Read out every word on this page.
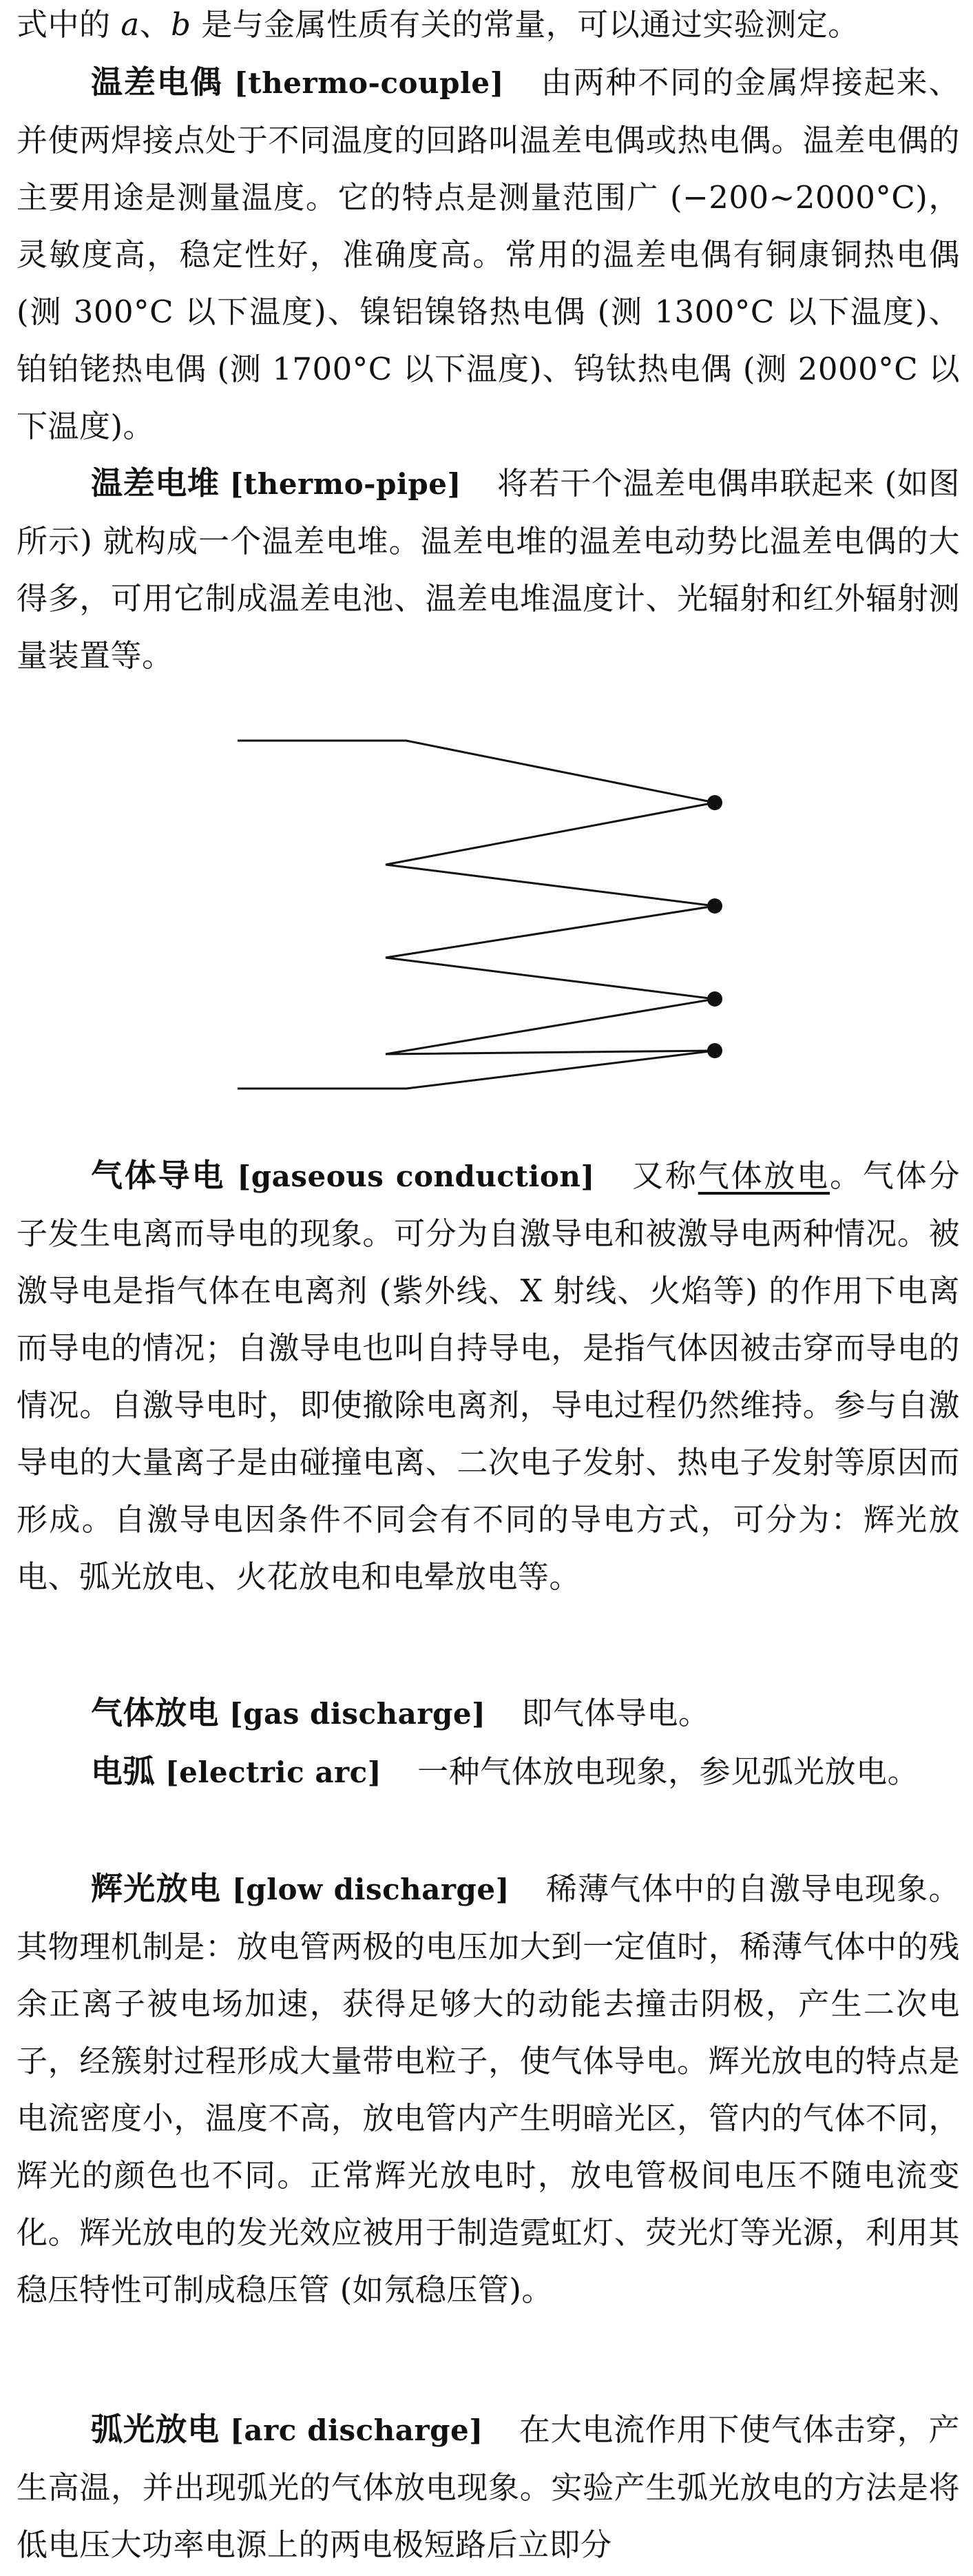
式中的 a、b 是与金属性质有关的常量，可以通过实验测定。

温差电偶 [thermo-couple] 由两种不同的金属焊接起来、并使两焊接点处于不同温度的回路叫温差电偶或热电偶。温差电偶的主要用途是测量温度。它的特点是测量范围广 (−200∼2000°C)，灵敏度高，稳定性好，准确度高。常用的温差电偶有铜康铜热电偶 (测 300°C 以下温度)、镍铝镍铬热电偶 (测 1300°C 以下温度)、铂铂铑热电偶 (测 1700°C 以下温度)、钨钛热电偶 (测 2000°C 以下温度)。

温差电堆 [thermo-pipe] 将若干个温差电偶串联起来 (如图所示) 就构成一个温差电堆。温差电堆的温差电动势比温差电偶的大得多，可用它制成温差电池、温差电堆温度计、光辐射和红外辐射测量装置等。

气体导电 [gaseous conduction] 又称气体放电。气体分子发生电离而导电的现象。可分为自激导电和被激导电两种情况。被激导电是指气体在电离剂 (紫外线、X 射线、火焰等) 的作用下电离而导电的情况；自激导电也叫自持导电，是指气体因被击穿而导电的情况。自激导电时，即使撤除电离剂，导电过程仍然维持。参与自激导电的大量离子是由碰撞电离、二次电子发射、热电子发射等原因而形成。自激导电因条件不同会有不同的导电方式，可分为：辉光放电、弧光放电、火花放电和电晕放电等。

气体放电 [gas discharge] 即气体导电。

电弧 [electric arc] 一种气体放电现象，参见弧光放电。

辉光放电 [glow discharge] 稀薄气体中的自激导电现象。其物理机制是：放电管两极的电压加大到一定值时，稀薄气体中的残余正离子被电场加速，获得足够大的动能去撞击阴极，产生二次电子，经簇射过程形成大量带电粒子，使气体导电。辉光放电的特点是电流密度小，温度不高，放电管内产生明暗光区，管内的气体不同，辉光的颜色也不同。正常辉光放电时，放电管极间电压不随电流变化。辉光放电的发光效应被用于制造霓虹灯、荧光灯等光源，利用其稳压特性可制成稳压管 (如氖稳压管)。

弧光放电 [arc discharge] 在大电流作用下使气体击穿，产生高温，并出现弧光的气体放电现象。实验产生弧光放电的方法是将低电压大功率电源上的两电极短路后立即分
